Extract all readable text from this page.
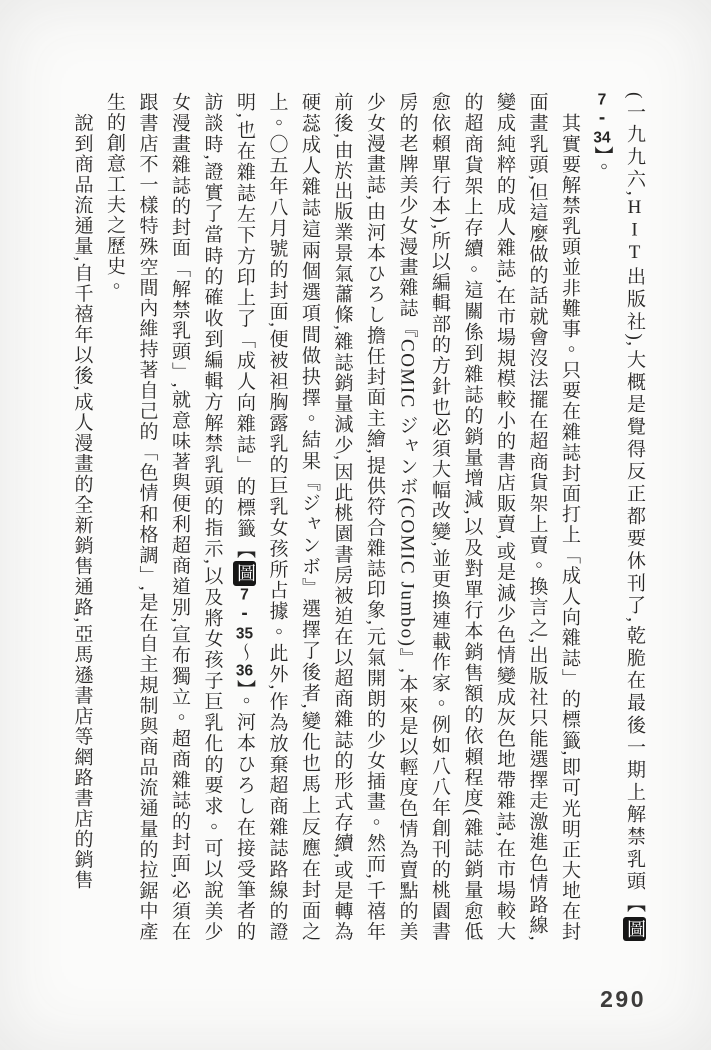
(一九九六,HIT出版社),大概是覺得反正都要休刊了,乾脆在最後一期上解禁乳頭【圖7-34】。

其實要解禁乳頭並非難事。只要在雜誌封面打上「成人向雜誌」的標籤,即可光明正大地在封面畫乳頭,但這麼做的話就會沒法擺在超商貨架上賣。換言之,出版社只能選擇走激進色情路線,變成純粹的成人雜誌,在市場規模較小的書店販賣,或是減少色情變成灰色地帶雜誌,在市場較大的超商貨架上存續。這關係到雜誌的銷量增減,以及對單行本銷售額的依賴程度(雜誌銷量愈低愈依賴單行本),所以編輯部的方針也必須大幅改變,並更換連載作家。例如八八年創刊的桃園書房的老牌美少女漫畫雜誌『COMIC ジャンボ(COMIC Jumbo)』,本來是以輕度色情為賣點的美少女漫畫誌,由河本ひろし擔任封面主繪,提供符合雜誌印象,元氣開朗的少女插畫。然而,千禧年前後,由於出版業景氣蕭條,雜誌銷量減少,因此桃園書房被迫在以超商雜誌的形式存續,或是轉為硬蕊成人雜誌這兩個選項間做抉擇。結果『ジャンボ』選擇了後者,變化也馬上反應在封面之上。〇五年八月號的封面,便被袒胸露乳的巨乳女孩所占據。此外,作為放棄超商雜誌路線的證明,也在雜誌左下方印上了「成人向雜誌」的標籤【圖7-35〜36】。河本ひろし在接受筆者的訪談時,證實了當時的確收到編輯方解禁乳頭的指示,以及將女孩子巨乳化的要求。可以說美少女漫畫雜誌的封面「解禁乳頭」,就意味著與便利超商道別,宣布獨立。超商雜誌的封面,必須在跟書店不一樣特殊空間內維持著自己的「色情和格調」,是在自主規制與商品流通量的拉鋸中產生的創意工夫之歷史。

說到商品流通量,自千禧年以後,成人漫畫的全新銷售通路,亞馬遜書店等網路書店的銷售

290
